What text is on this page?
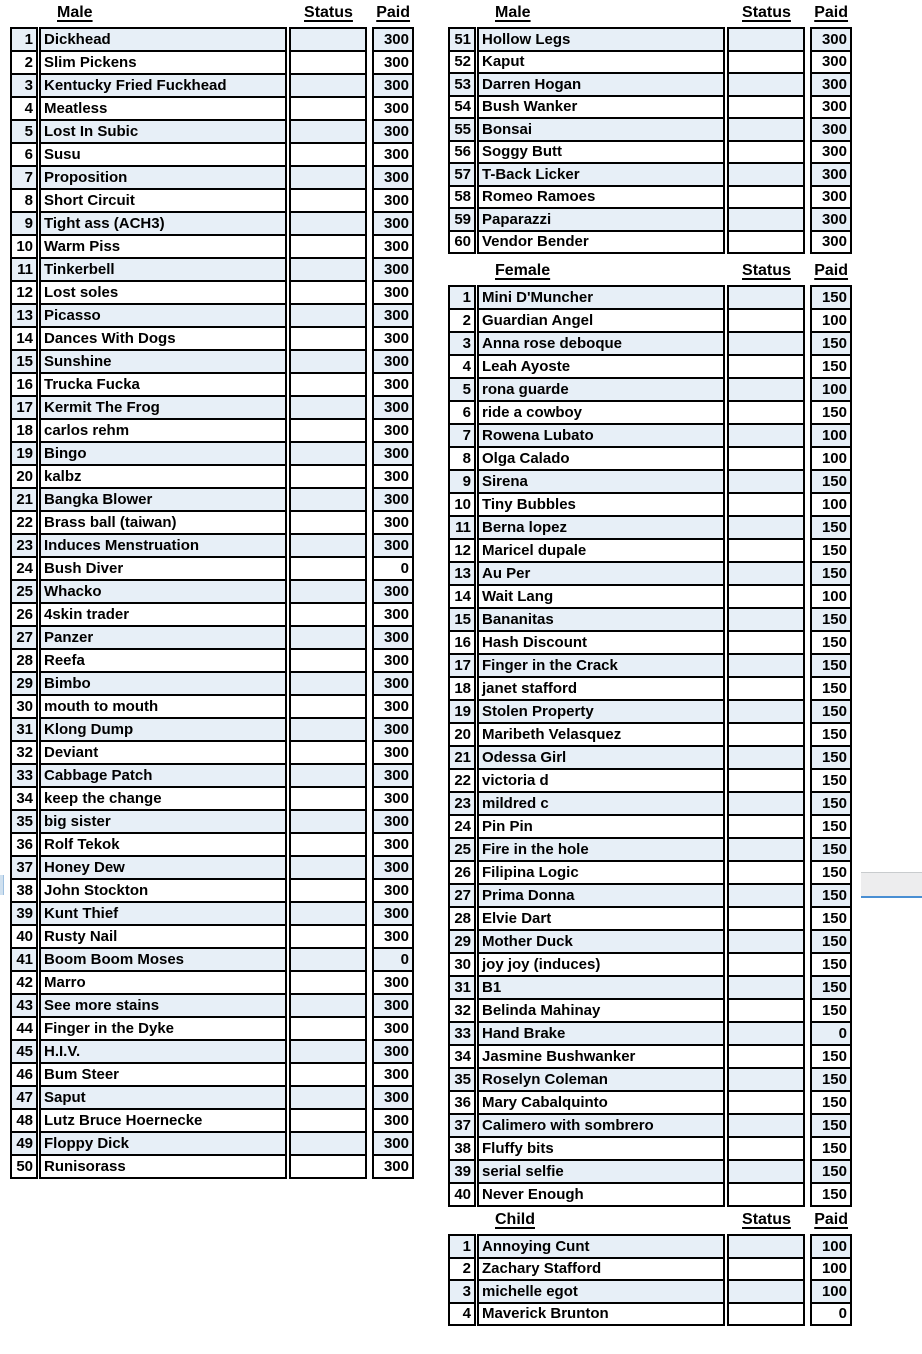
Male	Status	Paid
1 Dickhead	300
2 Slim Pickens	300
3 Kentucky Fried Fuckhead	300
4 Meatless	300
5 Lost In Subic	300
6 Susu	300
7 Proposition	300
8 Short Circuit	300
9 Tight ass (ACH3)	300
10 Warm Piss	300
11 Tinkerbell	300
12 Lost soles	300
13 Picasso	300
14 Dances With Dogs	300
15 Sunshine	300
16 Trucka Fucka	300
17 Kermit The Frog	300
18 carlos rehm	300
19 Bingo	300
20 kalbz	300
21 Bangka Blower	300
22 Brass ball (taiwan)	300
23 Induces Menstruation	300
24 Bush Diver	0
25 Whacko	300
26 4skin trader	300
27 Panzer	300
28 Reefa	300
29 Bimbo	300
30 mouth to mouth	300
31 Klong Dump	300
32 Deviant	300
33 Cabbage Patch	300
34 keep the change	300
35 big sister	300
36 Rolf Tekok	300
37 Honey Dew	300
38 John Stockton	300
39 Kunt Thief	300
40 Rusty Nail	300
41 Boom Boom Moses	0
42 Marro	300
43 See more stains	300
44 Finger in the Dyke	300
45 H.I.V.	300
46 Bum Steer	300
47 Saput	300
48 Lutz Bruce Hoernecke	300
49 Floppy Dick	300
50 Runisorass	300
Male	Status	Paid
51 Hollow Legs	300
52 Kaput	300
53 Darren Hogan	300
54 Bush Wanker	300
55 Bonsai	300
56 Soggy Butt	300
57 T-Back Licker	300
58 Romeo Ramoes	300
59 Paparazzi	300
60 Vendor Bender	300
Female	Status	Paid
1 Mini D'Muncher	150
2 Guardian Angel	100
3 Anna rose deboque	150
4 Leah Ayoste	150
5 rona guarde	100
6 ride a cowboy	150
7 Rowena Lubato	100
8 Olga Calado	100
9 Sirena	150
10 Tiny Bubbles	100
11 Berna lopez	150
12 Maricel dupale	150
13 Au Per	150
14 Wait Lang	100
15 Bananitas	150
16 Hash Discount	150
17 Finger in the Crack	150
18 janet stafford	150
19 Stolen Property	150
20 Maribeth Velasquez	150
21 Odessa Girl	150
22 victoria d	150
23 mildred c	150
24 Pin Pin	150
25 Fire in the hole	150
26 Filipina Logic	150
27 Prima Donna	150
28 Elvie Dart	150
29 Mother Duck	150
30 joy joy (induces)	150
31 B1	150
32 Belinda Mahinay	150
33 Hand Brake	0
34 Jasmine Bushwanker	150
35 Roselyn Coleman	150
36 Mary Cabalquinto	150
37 Calimero with sombrero	150
38 Fluffy bits	150
39 serial selfie	150
40 Never Enough	150
Child	Status	Paid
1 Annoying Cunt	100
2 Zachary Stafford	100
3 michelle egot	100
4 Maverick Brunton	0
